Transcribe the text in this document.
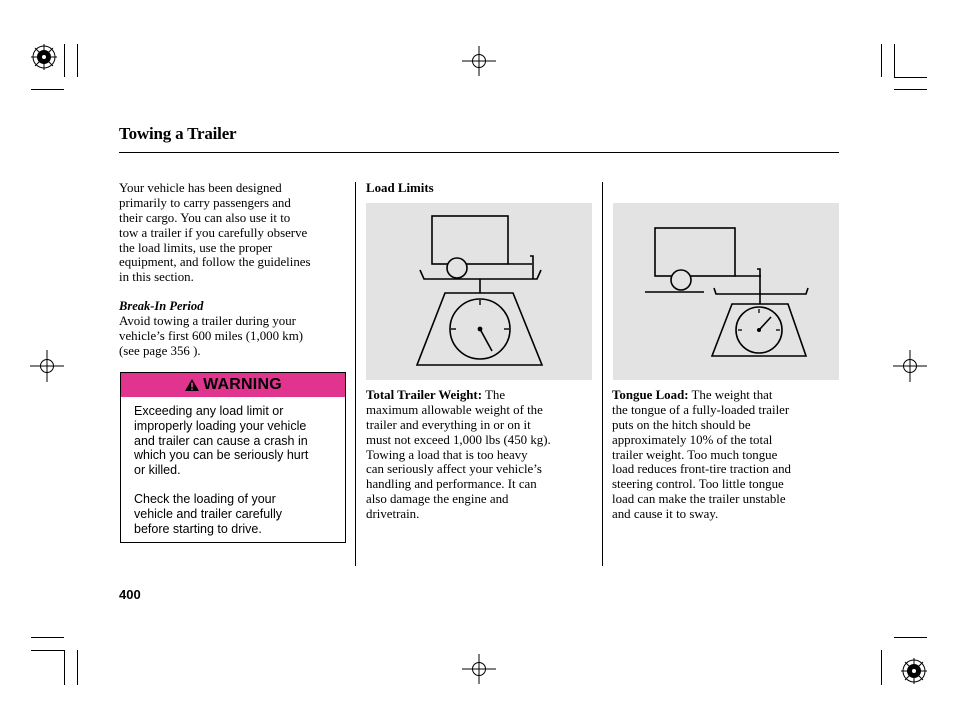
Towing a Trailer
Your vehicle has been designed
primarily to carry passengers and
their cargo. You can also use it to
tow a trailer if you carefully observe
the load limits, use the proper
equipment, and follow the guidelines
in this section.
Break-In Period
Avoid towing a trailer during your
vehicle’s first 600 miles (1,000 km)
(see page 356 ).
WARNING
Exceeding any load limit or
improperly loading your vehicle
and trailer can cause a crash in
which you can be seriously hurt
or killed.
Check the loading of your
vehicle and trailer carefully
before starting to drive.
Load Limits
Total Trailer Weight: The
maximum allowable weight of the
trailer and everything in or on it
must not exceed 1,000 lbs (450 kg).
Towing a load that is too heavy
can seriously affect your vehicle’s
handling and performance. It can
also damage the engine and
drivetrain.
Tongue Load: The weight that
the tongue of a fully-loaded trailer
puts on the hitch should be
approximately 10% of the total
trailer weight. Too much tongue
load reduces front-tire traction and
steering control. Too little tongue
load can make the trailer unstable
and cause it to sway.
400
